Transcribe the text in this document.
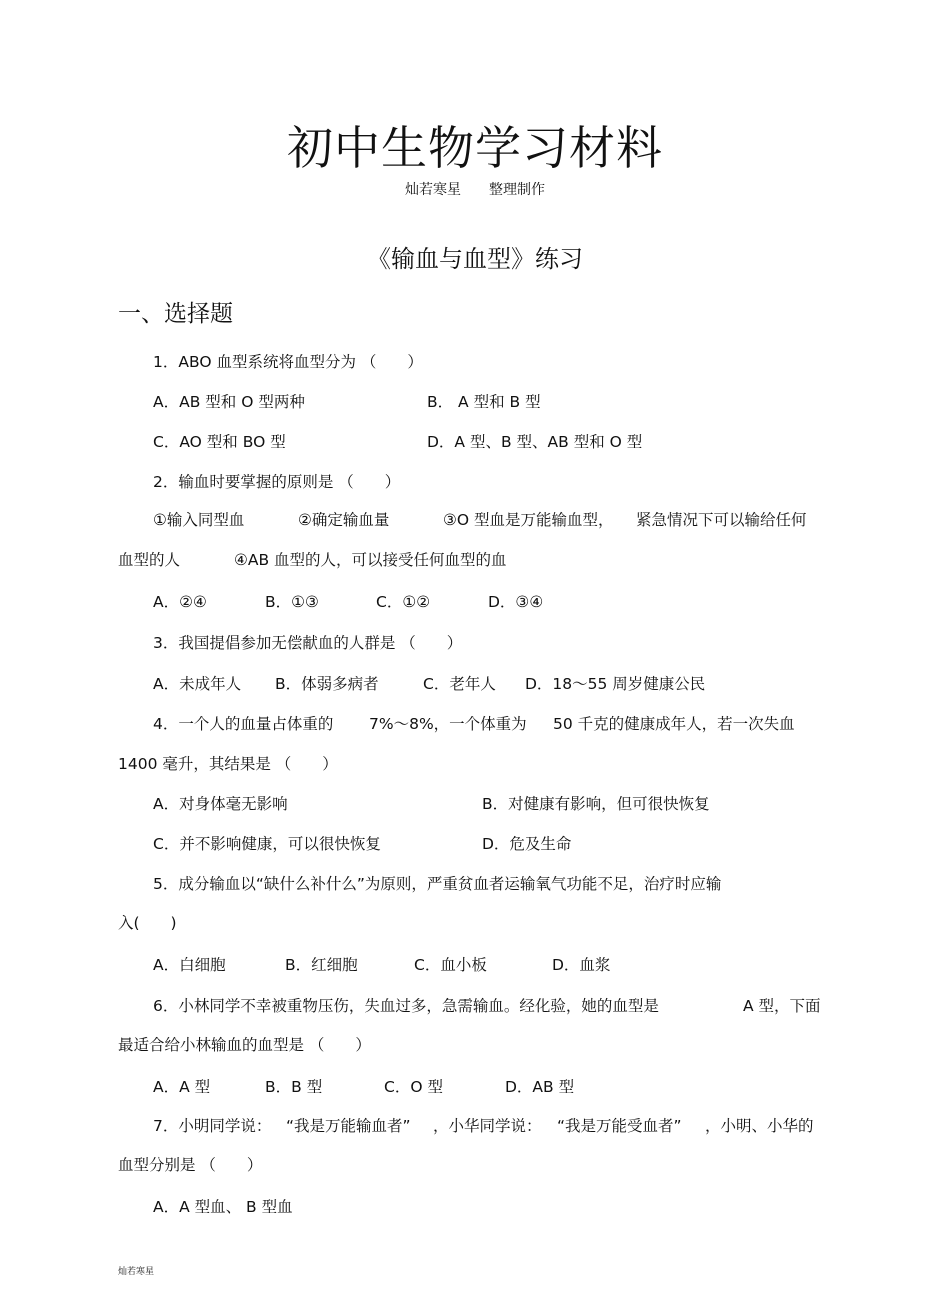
初中生物学习材料
灿若寒星　　整理制作
《输血与血型》练习
一、选择题
1．ABO 血型系统将血型分为 （　　）
A．AB 型和 O 型两种	B． A 型和 B 型
C．AO 型和 BO 型	D．A 型、B 型、AB 型和 O 型
2．输血时要掌握的原则是 （　　）
①输入同型血	②确定输血量	③O 型血是万能输血型， 紧急情况下可以输给任何
血型的人	④AB 血型的人，可以接受任何血型的血
A．②④	B．①③	C．①②	D．③④
3．我国提倡参加无偿献血的人群是 （　　）
A．未成年人 B．体弱多病者	C．老年人 D．18～55 周岁健康公民
4．一个人的血量占体重的 7%～8%，一个体重为 50 千克的健康成年人，若一次失血
1400 毫升，其结果是 （　　）
A．对身体毫无影响	B．对健康有影响，但可很快恢复
C．并不影响健康，可以很快恢复	D．危及生命
5．成分输血以“缺什么补什么”为原则，严重贫血者运输氧气功能不足，治疗时应输
入(　　)
A．白细胞	B．红细胞	C．血小板	D．血浆
6．小林同学不幸被重物压伤，失血过多，急需输血。经化验，她的血型是	A 型，下面
最适合给小林输血的血型是 （　　）
A．A 型	B．B 型	C．O 型	D．AB 型
7．小明同学说： “我是万能输血者” ，小华同学说： “我是万能受血者” ，小明、小华的
血型分别是 （　　）
A．A 型血、 B 型血
灿若寒星
